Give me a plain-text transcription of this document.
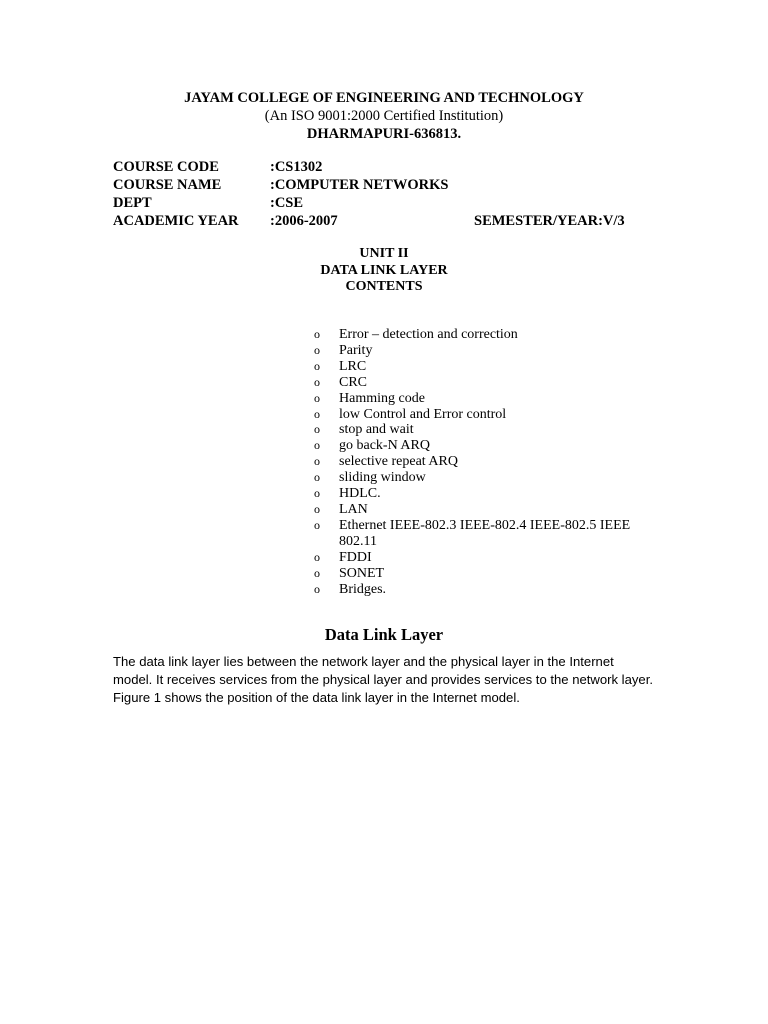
JAYAM COLLEGE OF ENGINEERING AND TECHNOLOGY
(An ISO 9001:2000 Certified Institution)
DHARMAPURI-636813.
COURSE CODE	:CS1302
COURSE NAME	:COMPUTER NETWORKS
DEPT	:CSE
ACADEMIC YEAR :2006-2007	SEMESTER/YEAR:V/3
UNIT II
DATA LINK LAYER
CONTENTS
o Error – detection and correction
o Parity
o LRC
o CRC
o Hamming code
o low Control and Error control
o stop and wait
o go back-N ARQ
o selective repeat ARQ
o sliding window
o HDLC.
o LAN
o Ethernet IEEE-802.3 IEEE-802.4 IEEE-802.5 IEEE 802.11
o FDDI
o SONET
o Bridges.
Data Link Layer

The data link layer lies between the network layer and the physical layer in the Internet model. It receives services from the physical layer and provides services to the network layer. Figure 1 shows the position of the data link layer in the Internet model.
